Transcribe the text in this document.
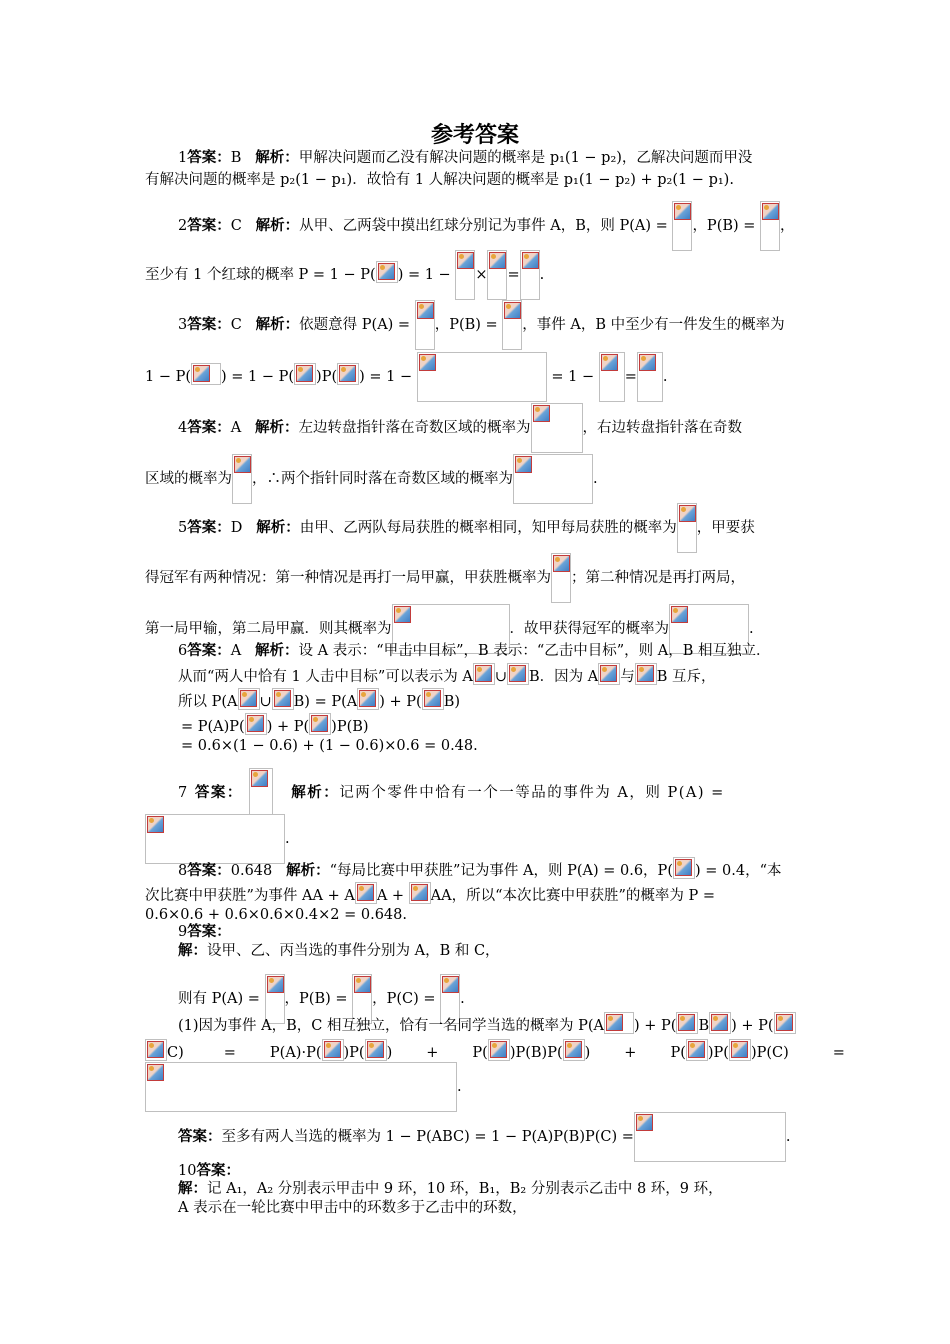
参考答案
1答案：B 解析：甲解决问题而乙没有解决问题的概率是 p₁(1 − p₂)，乙解决问题而甲没
有解决问题的概率是 p₂(1 − p₁)．故恰有 1 人解决问题的概率是 p₁(1 − p₂) + p₂(1 − p₁).
2答案：C 解析：从甲、乙两袋中摸出红球分别记为事件 A，B，则 P(A) = ，P(B) = ，
至少有 1 个红球的概率 P = 1 − P( ) = 1 − × = .
3答案：C 解析：依题意得 P(A) = ，P(B) = ，事件 A，B 中至少有一件发生的概率为
1 − P( ) = 1 − P( )P( ) = 1 −	= 1 − = .
4答案：A 解析：左边转盘指针落在奇数区域的概率为	，右边转盘指针落在奇数
区域的概率为 ，∴两个指针同时落在奇数区域的概率为	.
5答案：D 解析：由甲、乙两队每局获胜的概率相同，知甲每局获胜的概率为 ，甲要获
得冠军有两种情况：第一种情况是再打一局甲赢，甲获胜概率为 ；第二种情况是再打两局，
第一局甲输，第二局甲赢．则其概率为	．故甲获得冠军的概率为	.
6答案：A 解析：设 A 表示：“甲击中目标”，B 表示：“乙击中目标”，则 A，B 相互独立．
从而“两人中恰有 1 人击中目标”可以表示为 A ∪ B．因为 A 与 B 互斥，
所以 P(A ∪ B) = P(A ) + P( B)
= P(A)P( ) + P( )P(B)
= 0.6×(1 − 0.6) + (1 − 0.6)×0.6 = 0.48.
7 答案：	解析：记两个零件中恰有一个一等品的事件为 A，则 P(A) =
.
8答案：0.648 解析：“每局比赛中甲获胜”记为事件 A，则 P(A) = 0.6，P( ) = 0.4，“本
次比赛中甲获胜”为事件 AA + A A + AA，所以“本次比赛中甲获胜”的概率为 P =
0.6×0.6 + 0.6×0.6×0.4×2 = 0.648.
9答案：
解：设甲、乙、丙当选的事件分别为 A，B 和 C，
则有 P(A) = ，P(B) = ，P(C) = .
(1)因为事件 A，B，C 相互独立，恰有一名同学当选的概率为 P(A ) + P( B ) + P(
C)	= P(A)·P( )P( ) + P( )P(B)P( ) + P( )P( )P(C)	=
.
答案：至多有两人当选的概率为 1 − P(ABC) = 1 − P(A)P(B)P(C) =	.
10答案：
解：记 A₁，A₂ 分别表示甲击中 9 环，10 环，B₁，B₂ 分别表示乙击中 8 环，9 环，
A 表示在一轮比赛中甲击中的环数多于乙击中的环数，
